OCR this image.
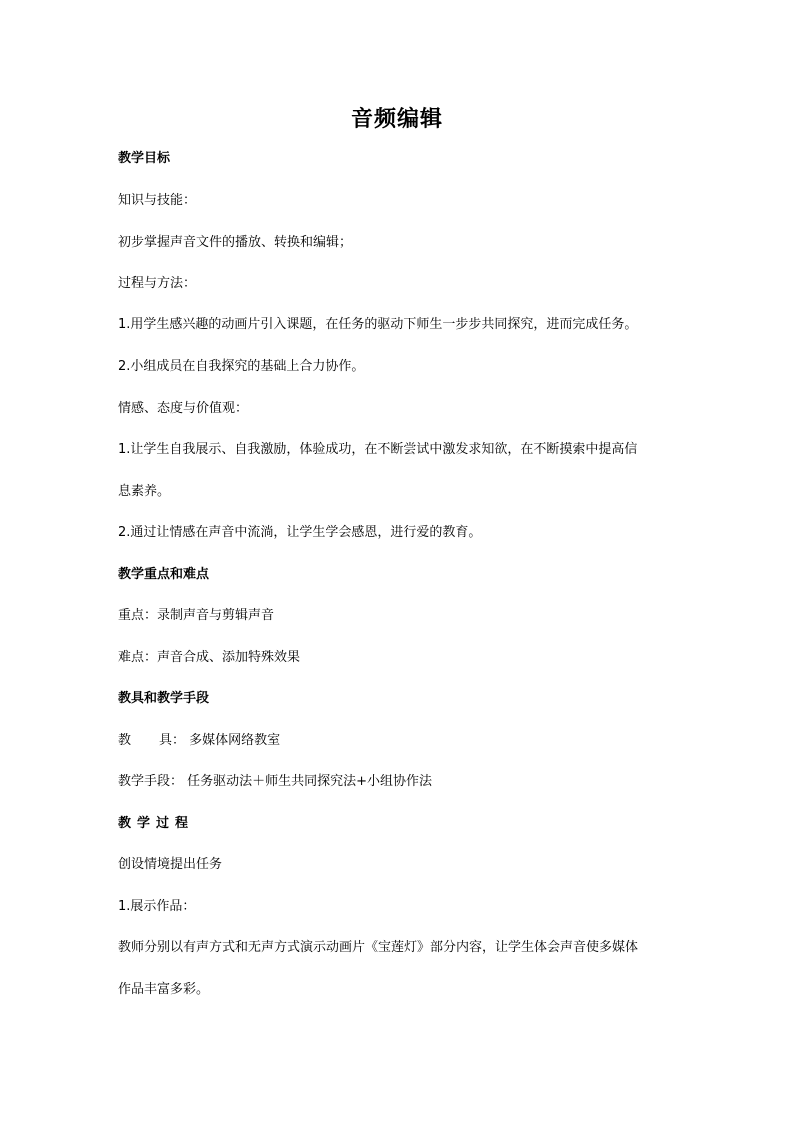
音频编辑
教学目标
知识与技能：
初步掌握声音文件的播放、转换和编辑；
过程与方法：
1.用学生感兴趣的动画片引入课题，在任务的驱动下师生一步步共同探究，进而完成任务。
2.小组成员在自我探究的基础上合力协作。
情感、态度与价值观：
1.让学生自我展示、自我激励，体验成功，在不断尝试中激发求知欲，在不断摸索中提高信
息素养。
2.通过让情感在声音中流淌，让学生学会感恩，进行爱的教育。
教学重点和难点
重点：录制声音与剪辑声音
难点：声音合成、添加特殊效果
教具和教学手段
教 具： 多媒体网络教室
教学手段： 任务驱动法＋师生共同探究法+小组协作法
教学过程
创设情境提出任务
1.展示作品：
教师分别以有声方式和无声方式演示动画片《宝莲灯》部分内容，让学生体会声音使多媒体
作品丰富多彩。
